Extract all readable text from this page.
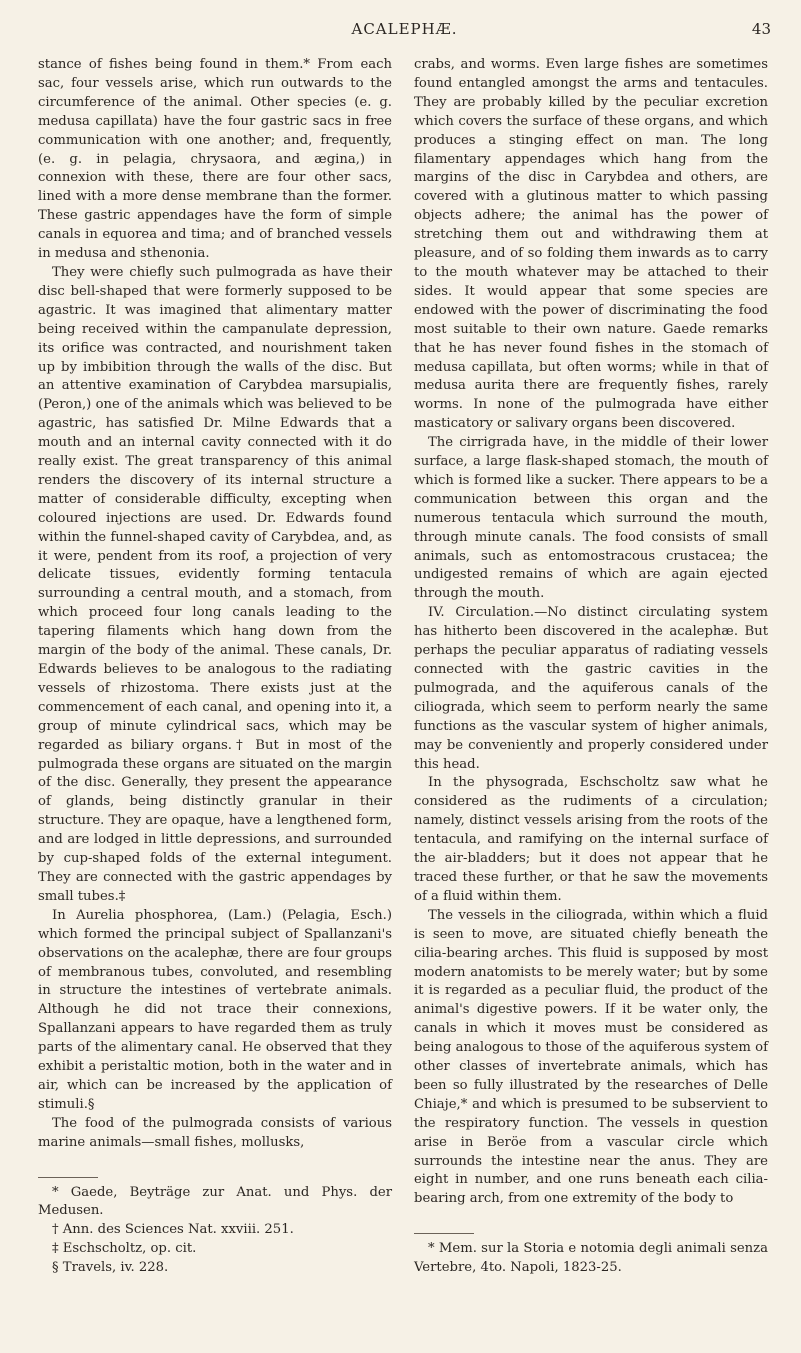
ACALEPHÆ.	43

stance of fishes being found in them.* From each sac, four vessels arise, which run outwards to the circumference of the animal. Other species (e. g. medusa capillata) have the four gastric sacs in free communication with one another; and, frequently, (e. g. in pelagia, chrysaora, and ægina,) in connexion with these, there are four other sacs, lined with a more dense membrane than the former. These gastric appendages have the form of simple canals in equorea and tima; and of branched vessels in medusa and sthenonia.

They were chiefly such pulmograda as have their disc bell-shaped that were formerly supposed to be agastric. It was imagined that alimentary matter being received within the campanulate depression, its orifice was contracted, and nourishment taken up by imbibition through the walls of the disc. But an attentive examination of Carybdea marsupialis, (Peron,) one of the animals which was believed to be agastric, has satisfied Dr. Milne Edwards that a mouth and an internal cavity connected with it do really exist. The great transparency of this animal renders the discovery of its internal structure a matter of considerable difficulty, excepting when coloured injections are used. Dr. Edwards found within the funnel-shaped cavity of Carybdea, and, as it were, pendent from its roof, a projection of very delicate tissues, evidently forming tentacula surrounding a central mouth, and a stomach, from which proceed four long canals leading to the tapering filaments which hang down from the margin of the body of the animal. These canals, Dr. Edwards believes to be analogous to the radiating vessels of rhizostoma. There exists just at the commencement of each canal, and opening into it, a group of minute cylindrical sacs, which may be regarded as biliary organs.† But in most of the pulmograda these organs are situated on the margin of the disc. Generally, they present the appearance of glands, being distinctly granular in their structure. They are opaque, have a lengthened form, and are lodged in little depressions, and surrounded by cup-shaped folds of the external integument. They are connected with the gastric appendages by small tubes.‡

In Aurelia phosphorea, (Lam.) (Pelagia, Esch.) which formed the principal subject of Spallanzani's observations on the acalephæ, there are four groups of membranous tubes, convoluted, and resembling in structure the intestines of vertebrate animals. Although he did not trace their connexions, Spallanzani appears to have regarded them as truly parts of the alimentary canal. He observed that they exhibit a peristaltic motion, both in the water and in air, which can be increased by the application of stimuli.§

The food of the pulmograda consists of various marine animals—small fishes, mollusks,

* Gaede, Beyträge zur Anat. und Phys. der Medusen.

† Ann. des Sciences Nat. xxviii. 251.

‡ Eschscholtz, op. cit.

§ Travels, iv. 228.

crabs, and worms. Even large fishes are sometimes found entangled amongst the arms and tentacules. They are probably killed by the peculiar excretion which covers the surface of these organs, and which produces a stinging effect on man. The long filamentary appendages which hang from the margins of the disc in Carybdea and others, are covered with a glutinous matter to which passing objects adhere; the animal has the power of stretching them out and withdrawing them at pleasure, and of so folding them inwards as to carry to the mouth whatever may be attached to their sides. It would appear that some species are endowed with the power of discriminating the food most suitable to their own nature. Gaede remarks that he has never found fishes in the stomach of medusa capillata, but often worms; while in that of medusa aurita there are frequently fishes, rarely worms. In none of the pulmograda have either masticatory or salivary organs been discovered.

The cirrigrada have, in the middle of their lower surface, a large flask-shaped stomach, the mouth of which is formed like a sucker. There appears to be a communication between this organ and the numerous tentacula which surround the mouth, through minute canals. The food consists of small animals, such as entomostracous crustacea; the undigested remains of which are again ejected through the mouth.

IV. Circulation.—No distinct circulating system has hitherto been discovered in the acalephæ. But perhaps the peculiar apparatus of radiating vessels connected with the gastric cavities in the pulmograda, and the aquiferous canals of the ciliograda, which seem to perform nearly the same functions as the vascular system of higher animals, may be conveniently and properly considered under this head.

In the physograda, Eschscholtz saw what he considered as the rudiments of a circulation; namely, distinct vessels arising from the roots of the tentacula, and ramifying on the internal surface of the air-bladders; but it does not appear that he traced these further, or that he saw the movements of a fluid within them.

The vessels in the ciliograda, within which a fluid is seen to move, are situated chiefly beneath the cilia-bearing arches. This fluid is supposed by most modern anatomists to be merely water; but by some it is regarded as a peculiar fluid, the product of the animal's digestive powers. If it be water only, the canals in which it moves must be considered as being analogous to those of the aquiferous system of other classes of invertebrate animals, which has been so fully illustrated by the researches of Delle Chiaje,* and which is presumed to be subservient to the respiratory function. The vessels in question arise in Beröe from a vascular circle which surrounds the intestine near the anus. They are eight in number, and one runs beneath each cilia-bearing arch, from one extremity of the body to

* Mem. sur la Storia e notomia degli animali senza Vertebre, 4to. Napoli, 1823-25.
